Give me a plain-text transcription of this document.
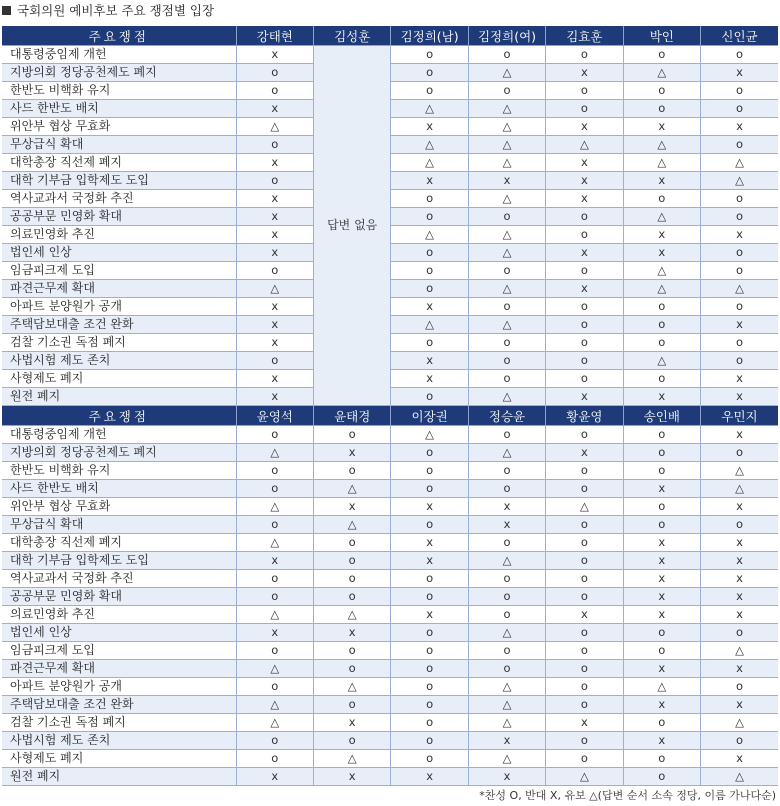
국회의원 예비후보 주요 쟁점별 입장
주요쟁점	강태현	김성훈	김정희(남)	김정희(여)	김효훈	박인	신인균
대통령중임제 개헌	x	답변 없음	o	o	o	o	o
지방의회 정당공천제도 폐지	o		o	△	x	△	x
한반도 비핵화 유지	o		o	o	o	o	o
사드 한반도 배치	x		△	△	o	o	o
위안부 협상 무효화	△		x	△	x	x	x
무상급식 확대	o		△	△	△	△	o
대학총장 직선제 폐지	x		△	△	x	△	△
대학 기부금 입학제도 도입	o		x	x	x	x	△
역사교과서 국정화 추진	x		o	△	x	o	o
공공부문 민영화 확대	x		o	o	o	△	o
의료민영화 추진	x		△	△	o	x	x
법인세 인상	x		o	△	x	x	o
임금피크제 도입	o		o	o	o	△	o
파견근무제 확대	△		o	△	x	△	△
아파트 분양원가 공개	x		x	o	o	o	o
주택담보대출 조건 완화	x		△	△	o	o	x
검찰 기소권 독점 폐지	x		o	o	o	o	o
사법시험 제도 존치	o		x	o	o	△	o
사형제도 폐지	x		x	o	o	o	x
원전 폐지	x		o	△	x	x	x
주요쟁점	윤영석	윤태경	이장권	정승윤	황윤영	송인배	우민지
대통령중임제 개헌	o	o	△	o	o	o	x
지방의회 정당공천제도 폐지	△	x	o	△	x	o	o
한반도 비핵화 유지	o	o	o	o	o	o	△
사드 한반도 배치	o	△	o	o	o	x	△
위안부 협상 무효화	△	x	x	x	△	o	x
무상급식 확대	o	△	o	x	o	o	o
대학총장 직선제 폐지	△	o	x	o	o	x	x
대학 기부금 입학제도 도입	x	o	x	△	o	x	x
역사교과서 국정화 추진	o	o	o	o	o	x	x
공공부문 민영화 확대	o	o	o	o	o	x	x
의료민영화 추진	△	△	x	o	x	x	x
법인세 인상	x	x	o	△	o	o	o
임금피크제 도입	o	o	o	o	o	o	△
파견근무제 확대	△	o	o	o	o	x	x
아파트 분양원가 공개	o	△	o	△	o	△	o
주택담보대출 조건 완화	△	o	o	△	o	x	x
검찰 기소권 독점 폐지	△	x	o	△	x	o	△
사법시험 제도 존치	o	o	o	x	o	x	o
사형제도 폐지	o	△	o	△	o	o	x
원전 폐지	x	x	x	x	△	o	△
*찬성 O, 반대 X, 유보 △(답변 순서 소속 정당, 이름 가나다순)
